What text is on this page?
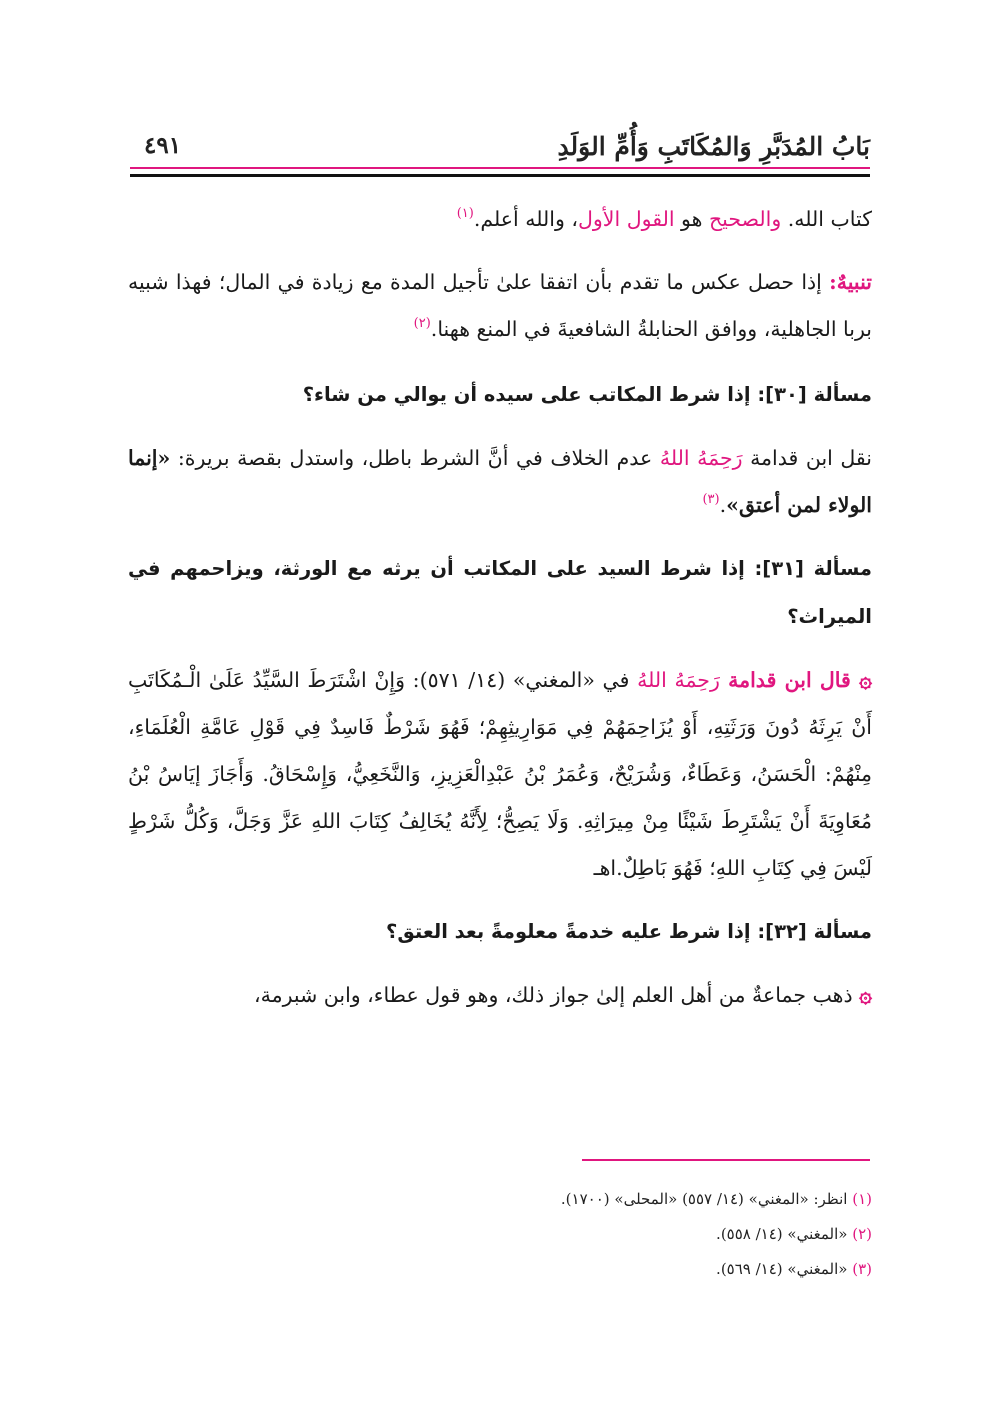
بَابُ المُدَبَّرِ وَالمُكَاتَبِ وَأُمِّ الوَلَدِ
٤٩١

كتاب الله. والصحيح هو القول الأول، والله أعلم.$^{(١)}$

تنبيهٌ: إذا حصل عكس ما تقدم بأن اتفقا علىٰ تأجيل المدة مع زيادة في المال؛ فهذا شبيه بربا الجاهلية، ووافق الحنابلةُ الشافعيةَ في المنع ههنا.$^{(٢)}$

مسألة [٣٠]: إذا شرط المكاتب على سيده أن يوالي من شاء؟

نقل ابن قدامة رَحِمَهُ اللهُ عدم الخلاف في أنَّ الشرط باطل، واستدل بقصة بريرة: «إنما الولاء لمن أعتق».$^{(٣)}$

مسألة [٣١]: إذا شرط السيد على المكاتب أن يرثه مع الورثة، ويزاحمهم في الميراث؟

۞ قال ابن قدامة رَحِمَهُ اللهُ في «المغني» (١٤/ ٥٧١): وَإِنْ اشْتَرَطَ السَّيِّدُ عَلَىٰ الْـمُكَاتَبِ أَنْ يَرِثَهُ دُونَ وَرَثَتِهِ، أَوْ يُزَاحِمَهُمْ فِي مَوَارِيثِهِمْ؛ فَهُوَ شَرْطٌ فَاسِدٌ فِي قَوْلِ عَامَّةِ الْعُلَمَاءِ، مِنْهُمْ: الْحَسَنُ، وَعَطَاءٌ، وَشُرَيْحٌ، وَعُمَرُ بْنُ عَبْدِالْعَزِيزِ، وَالنَّخَعِيُّ، وَإِسْحَاقُ. وَأَجَازَ إيَاسُ بْنُ مُعَاوِيَةَ أَنْ يَشْتَرِطَ شَيْئًا مِنْ مِيرَاثِهِ. وَلَا يَصِحُّ؛ لِأَنَّهُ يُخَالِفُ كِتَابَ اللهِ عَزَّ وَجَلَّ، وَكُلُّ شَرْطٍ لَيْسَ فِي كِتَابِ اللهِ؛ فَهُوَ بَاطِلٌ.اهـ

مسألة [٣٢]: إذا شرط عليه خدمةً معلومةً بعد العتق؟

۞ ذهب جماعةٌ من أهل العلم إلىٰ جواز ذلك، وهو قول عطاء، وابن شبرمة،

(١) انظر: «المغني» (١٤/ ٥٥٧) «المحلى» (١٧٠٠).
(٢) «المغني» (١٤/ ٥٥٨).
(٣) «المغني» (١٤/ ٥٦٩).
